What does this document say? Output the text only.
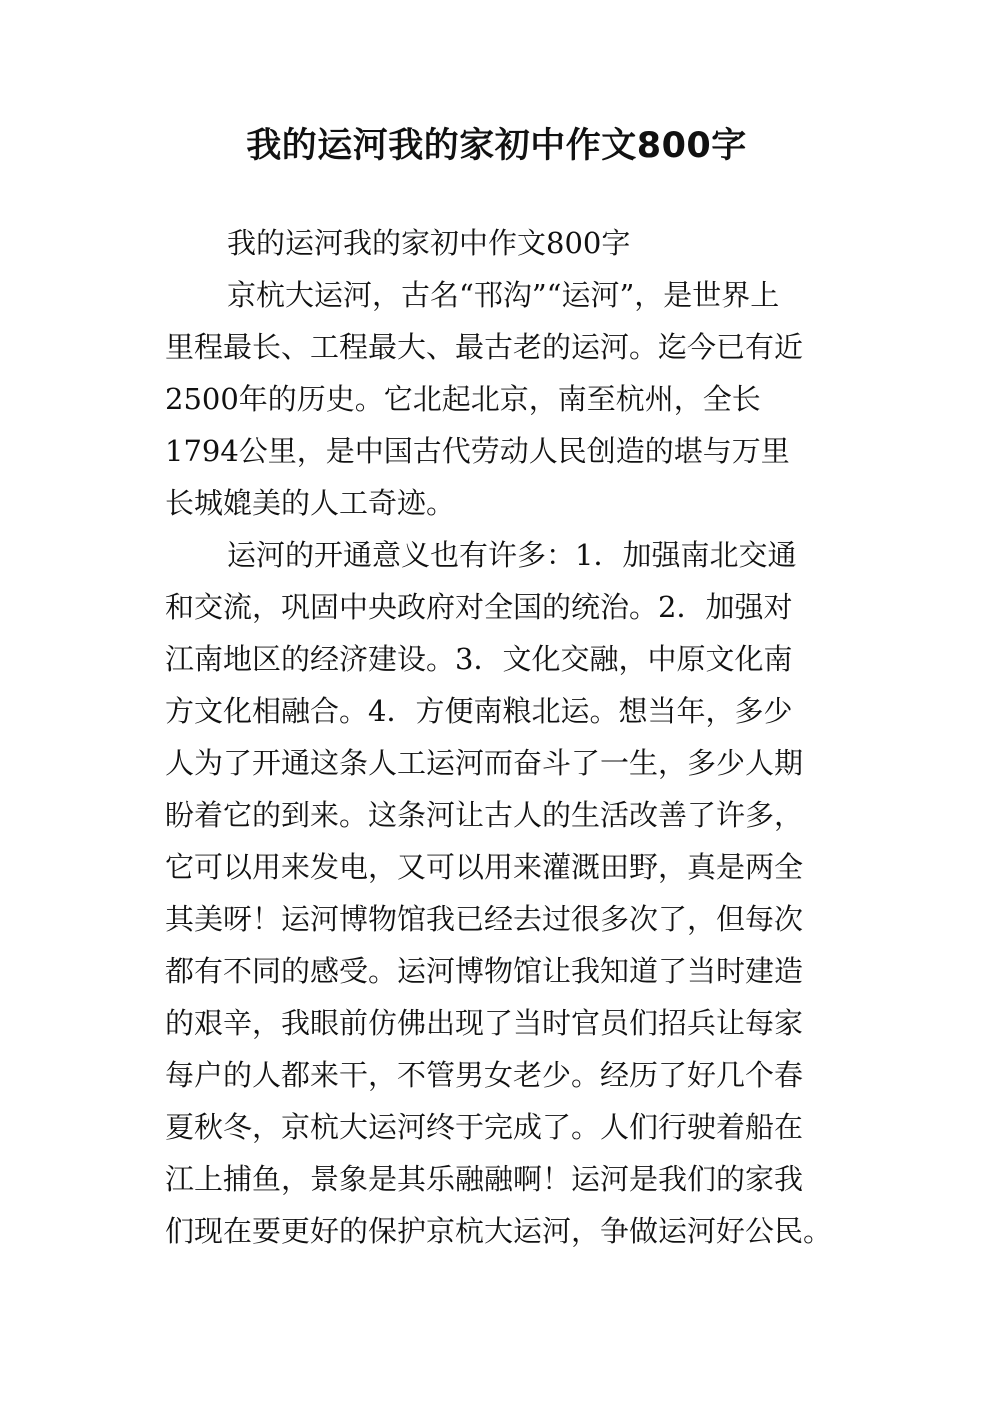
我的运河我的家初中作文800字
我的运河我的家初中作文800字
京杭大运河，古名“邗沟”“运河”，是世界上
里程最长、工程最大、最古老的运河。迄今已有近
2500年的历史。它北起北京，南至杭州，全长
1794公里，是中国古代劳动人民创造的堪与万里
长城媲美的人工奇迹。
运河的开通意义也有许多：1．加强南北交通
和交流，巩固中央政府对全国的统治。2．加强对
江南地区的经济建设。3．文化交融，中原文化南
方文化相融合。4．方便南粮北运。想当年，多少
人为了开通这条人工运河而奋斗了一生，多少人期
盼着它的到来。这条河让古人的生活改善了许多，
它可以用来发电，又可以用来灌溉田野，真是两全
其美呀！运河博物馆我已经去过很多次了，但每次
都有不同的感受。运河博物馆让我知道了当时建造
的艰辛，我眼前仿佛出现了当时官员们招兵让每家
每户的人都来干，不管男女老少。经历了好几个春
夏秋冬，京杭大运河终于完成了。人们行驶着船在
江上捕鱼，景象是其乐融融啊！运河是我们的家我
们现在要更好的保护京杭大运河，争做运河好公民。
